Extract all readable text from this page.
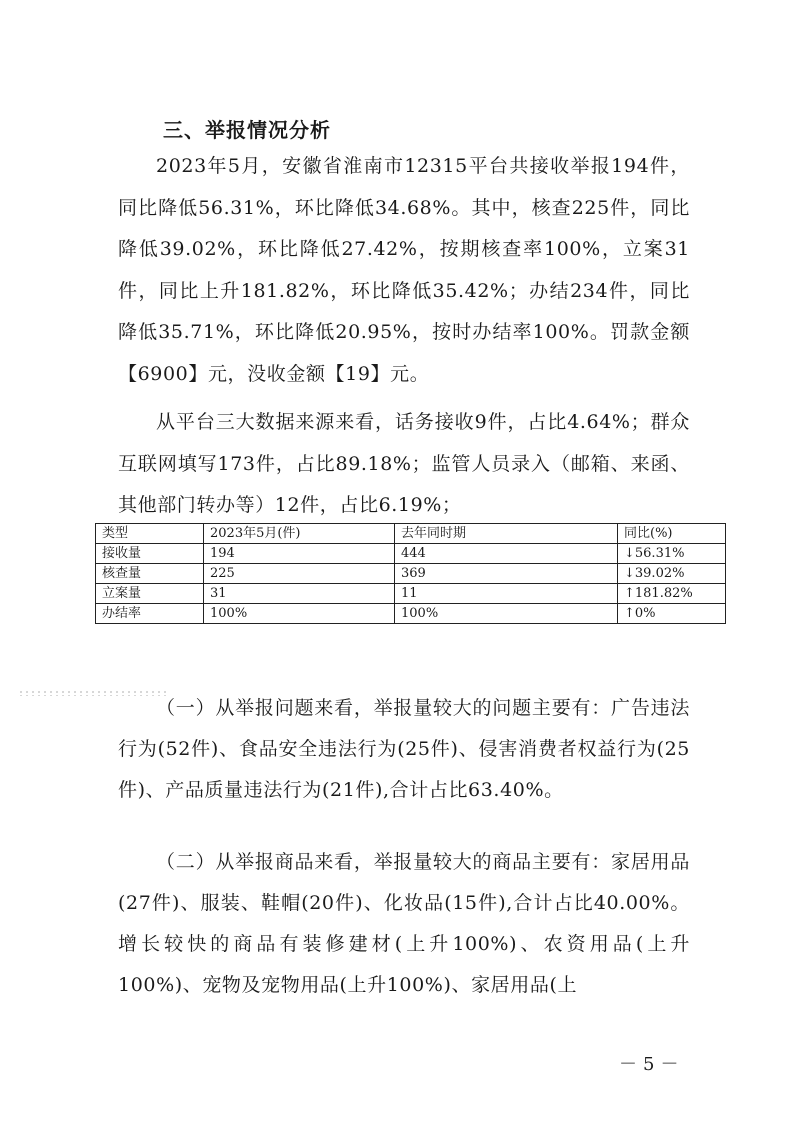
三、举报情况分析

2023年5月，安徽省淮南市12315平台共接收举报194件，同比降低56.31%，环比降低34.68%。其中，核查225件，同比降低39.02%，环比降低27.42%，按期核查率100%，立案31件，同比上升181.82%，环比降低35.42%；办结234件，同比降低35.71%，环比降低20.95%，按时办结率100%。罚款金额【6900】元，没收金额【19】元。

从平台三大数据来源来看，话务接收9件，占比4.64%；群众互联网填写173件，占比89.18%；监管人员录入（邮箱、来函、其他部门转办等）12件，占比6.19%；

类型	2023年5月(件)	去年同时期	同比(%)
接收量	194	444	↓56.31%
核查量	225	369	↓39.02%
立案量	31	11	↑181.82%
办结率	100%	100%	↑0%

（一）从举报问题来看，举报量较大的问题主要有：广告违法行为(52件)、食品安全违法行为(25件)、侵害消费者权益行为(25件)、产品质量违法行为(21件),合计占比63.40%。

（二）从举报商品来看，举报量较大的商品主要有：家居用品(27件)、服装、鞋帽(20件)、化妆品(15件),合计占比40.00%。增长较快的商品有装修建材(上升100%)、农资用品(上升100%)、宠物及宠物用品(上升100%)、家居用品(上

－5－
